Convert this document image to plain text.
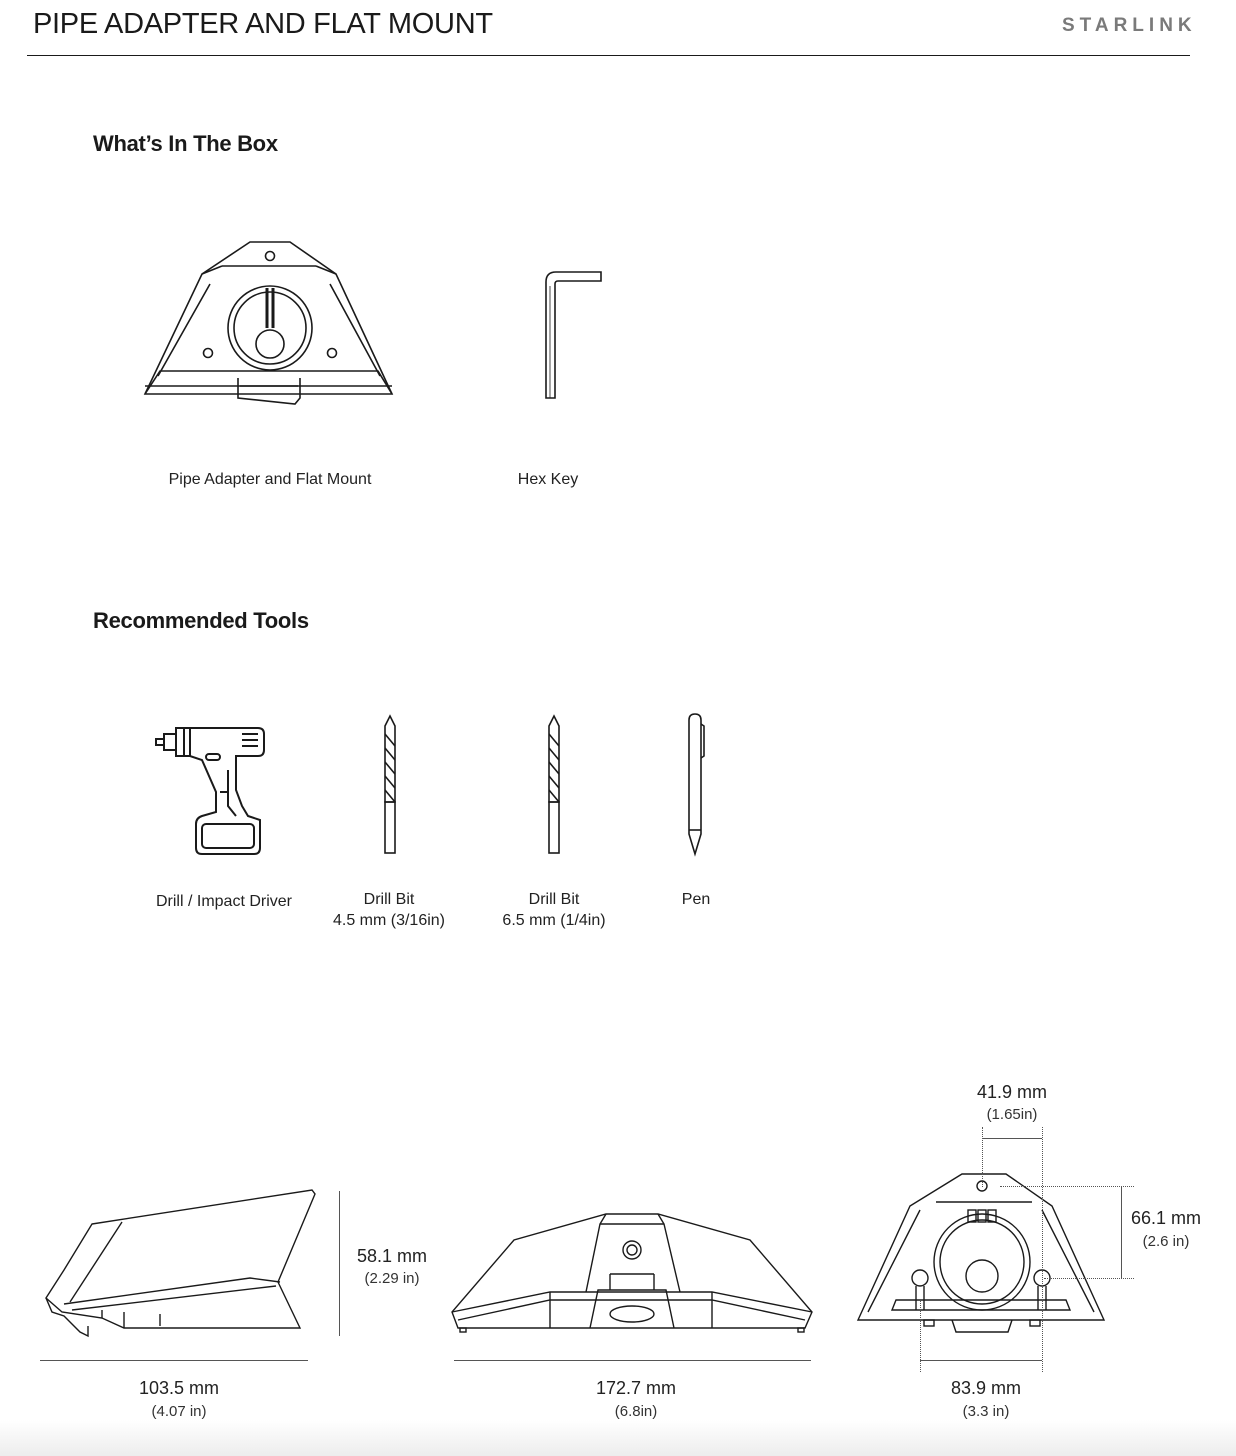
PIPE ADAPTER AND FLAT MOUNT	STARLINK
What’s In The Box
Pipe Adapter and Flat Mount	Hex Key
Recommended Tools
Drill / Impact Driver	Drill Bit
4.5 mm (3/16in)
Drill Bit
6.5 mm (1/4in)
Pen
58.1 mm
(2.29 in)
103.5 mm
(4.07 in)
172.7 mm
(6.8in)
41.9 mm
(1.65in)
66.1 mm
(2.6 in)
83.9 mm
(3.3 in)
